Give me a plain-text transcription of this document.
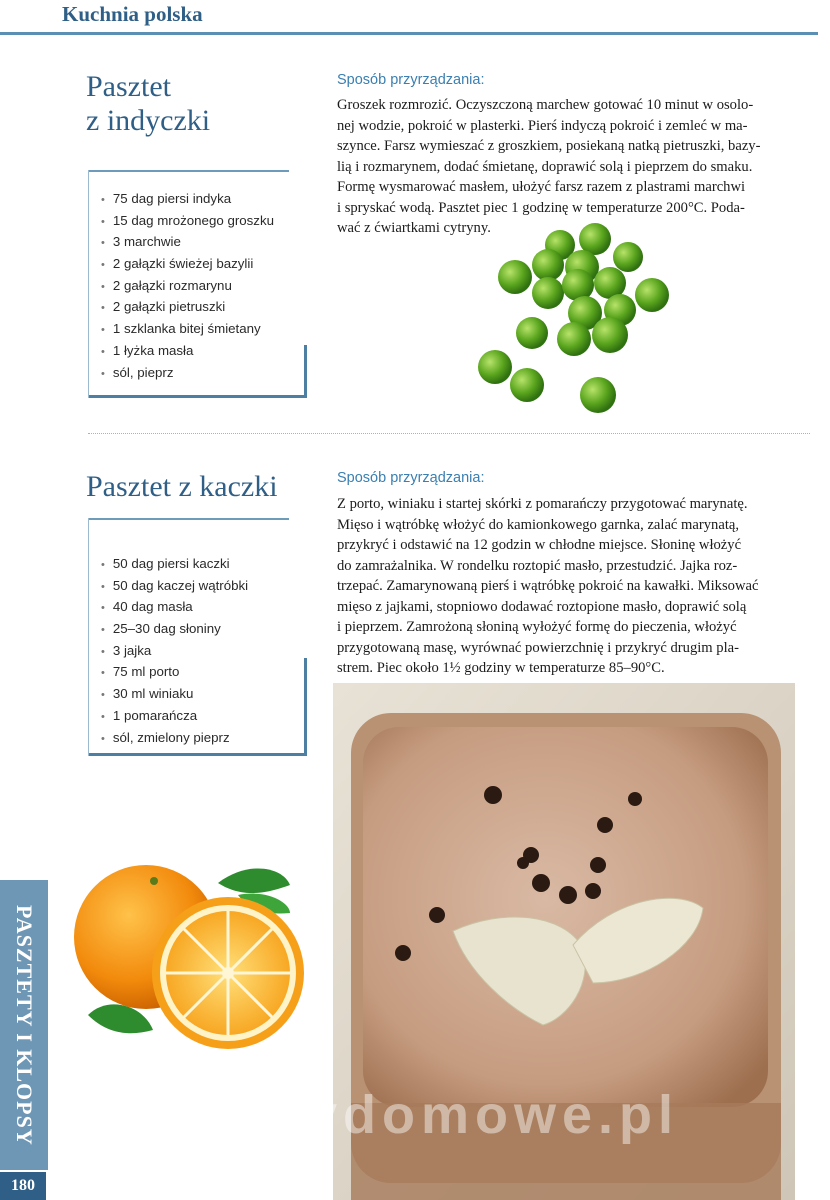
Kuchnia polska
Pasztet
z indyczki
• 75 dag piersi indyka
• 15 dag mrożonego groszku
• 3 marchwie
• 2 gałązki świeżej bazylii
• 2 gałązki rozmarynu
• 2 gałązki pietruszki
• 1 szklanka bitej śmietany
• 1 łyżka masła
• sól, pieprz
Sposób przyrządzania:
Groszek rozmrozić. Oczyszczoną marchew gotować 10 minut w osolo-
nej wodzie, pokroić w plasterki. Pierś indyczą pokroić i zemleć w ma-
szynce. Farsz wymieszać z groszkiem, posiekaną natką pietruszki, bazy-
lią i rozmarynem, dodać śmietanę, doprawić solą i pieprzem do smaku.
Formę wysmarować masłem, ułożyć farsz razem z plastrami marchwi
i spryskać wodą. Pasztet piec 1 godzinę w temperaturze 200°C. Poda-
wać z ćwiartkami cytryny.
Pasztet z kaczki
• 50 dag piersi kaczki
• 50 dag kaczej wątróbki
• 40 dag masła
• 25–30 dag słoniny
• 3 jajka
• 75 ml porto
• 30 ml winiaku
• 1 pomarańcza
• sól, zmielony pieprz
Sposób przyrządzania:
Z porto, winiaku i startej skórki z pomarańczy przygotować marynatę.
Mięso i wątróbkę włożyć do kamionkowego garnka, zalać marynatą,
przykryć i odstawić na 12 godzin w chłodne miejsce. Słoninę włożyć
do zamrażalnika. W rondelku roztopić masło, przestudzić. Jajka roz-
trzepać. Zamarynowaną pierś i wątróbkę pokroić na kawałki. Miksować
mięso z jajkami, stopniowo dodawać roztopione masło, doprawić solą
i pieprzem. Zamrożoną słoniną wyłożyć formę do pieczenia, włożyć
przygotowaną masę, wyrównać powierzchnię i przykryć drugim pla-
strem. Piec około 1½ godziny w temperaturze 85–90°C.
wedlinydomowe.pl
PASZTETY I KLOPSY
180
